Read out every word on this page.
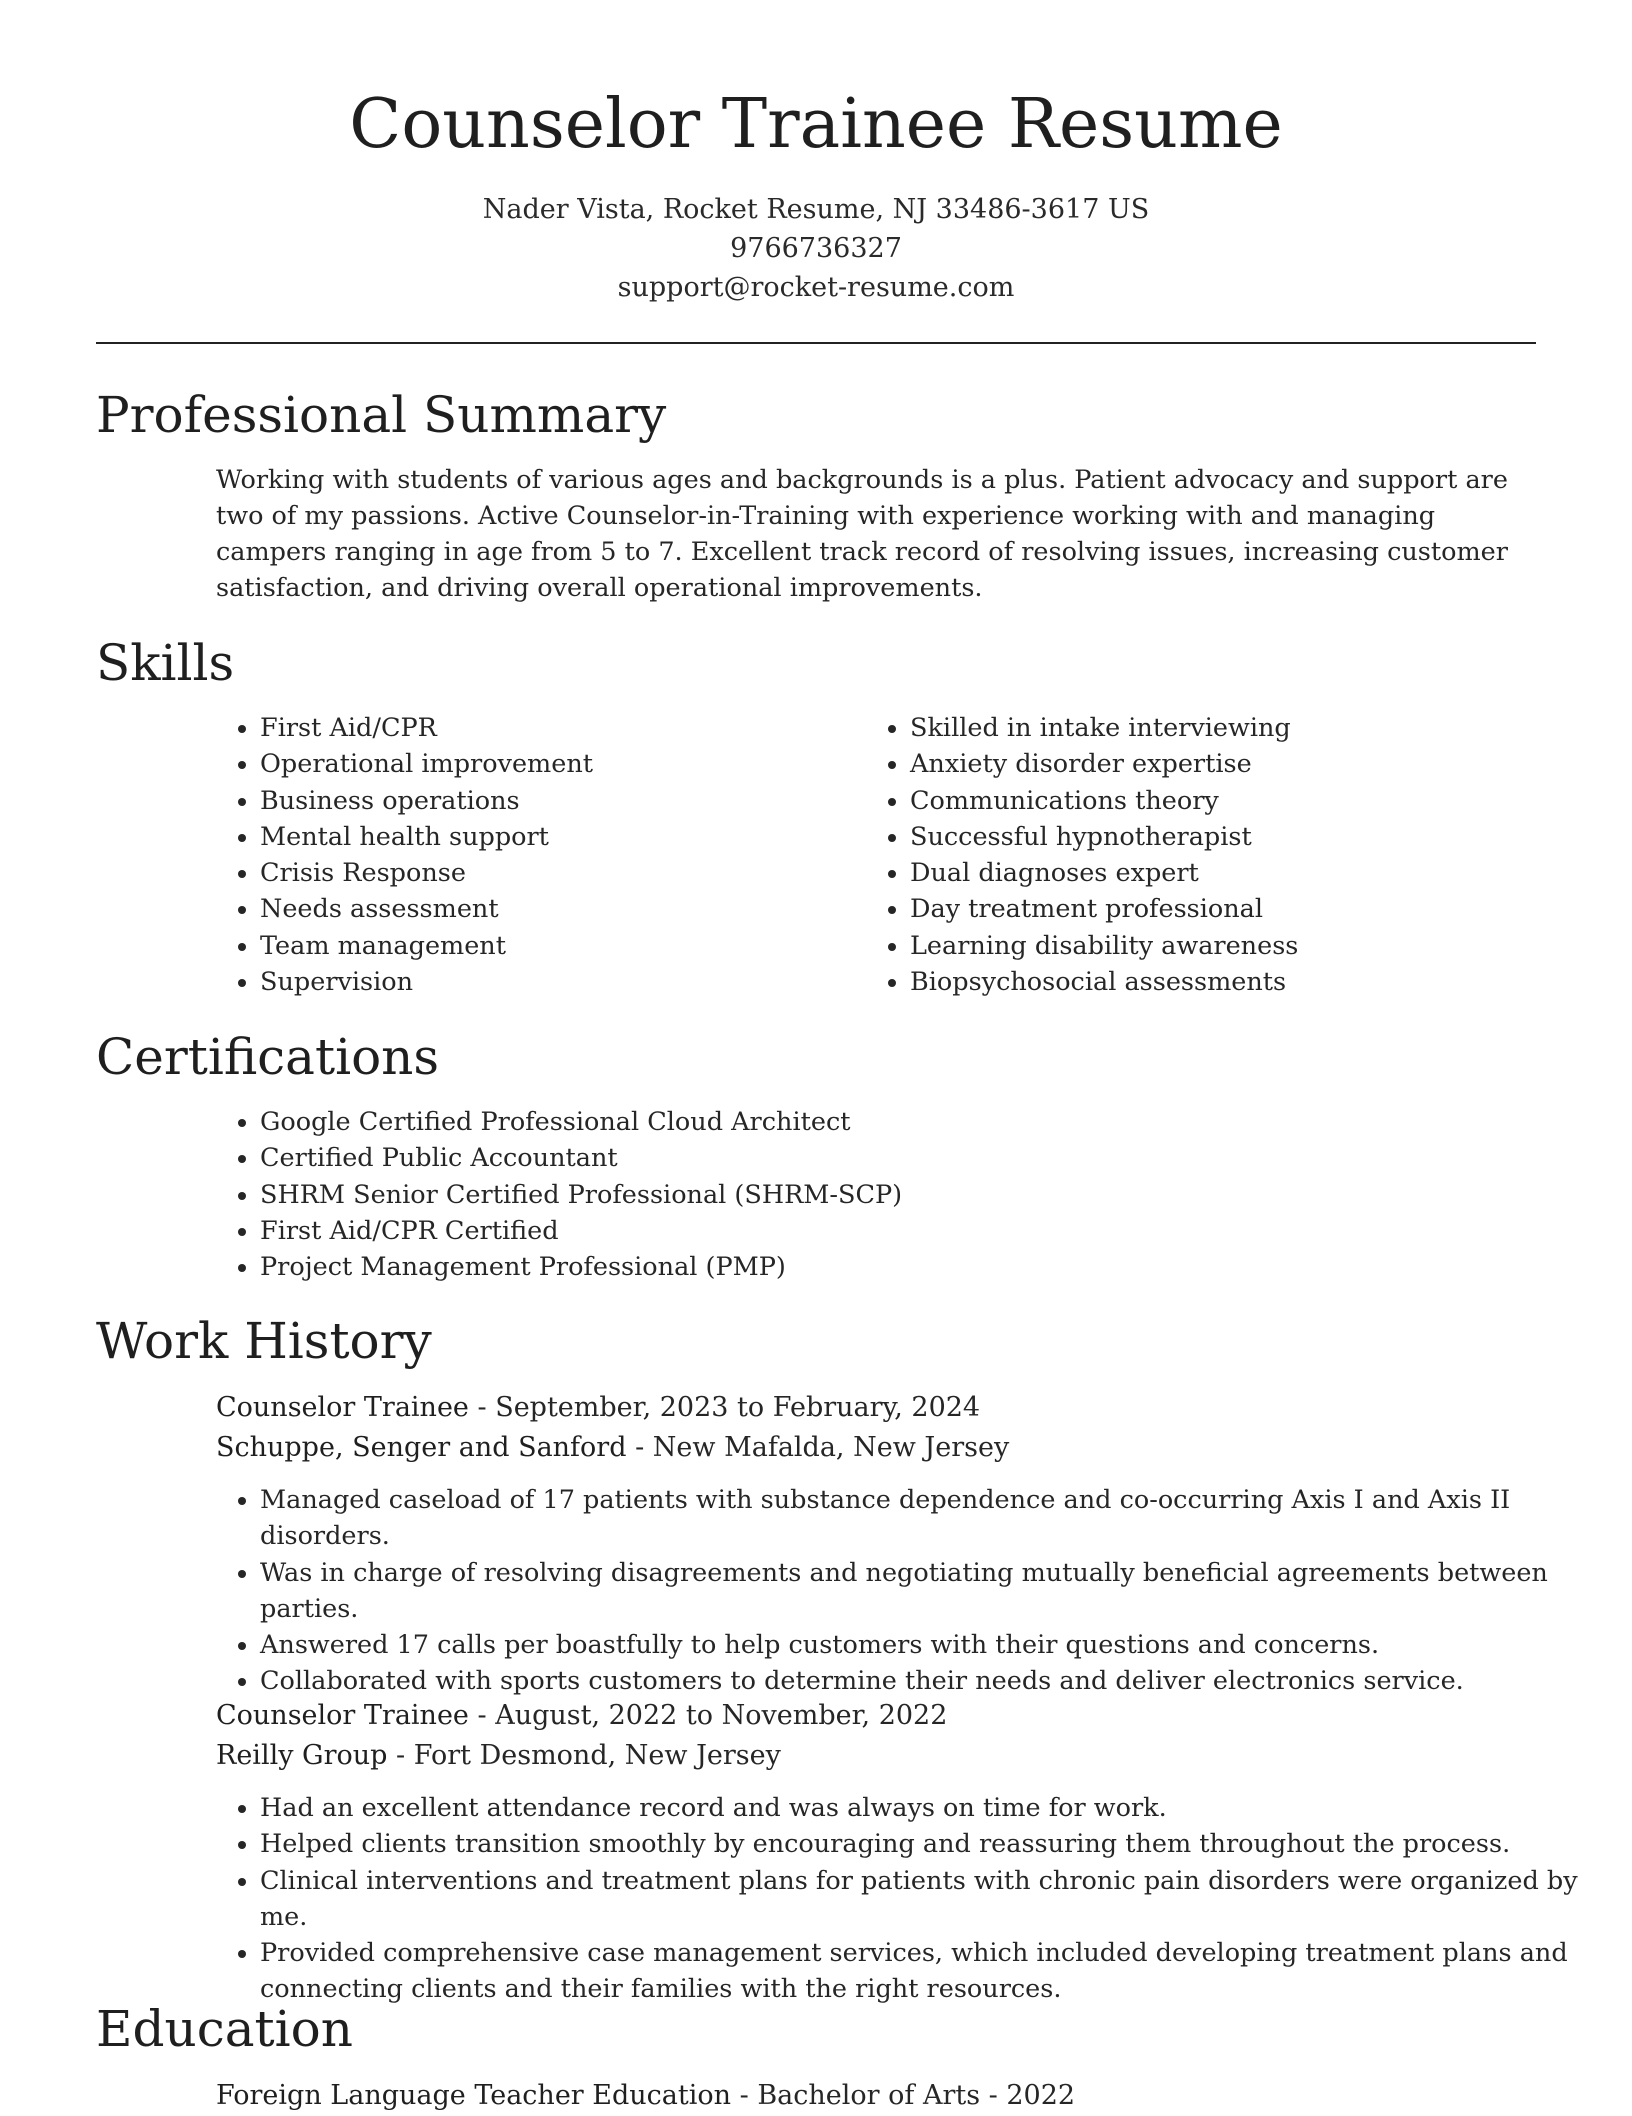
Counselor Trainee Resume
Nader Vista, Rocket Resume, NJ 33486-3617 US
9766736327
support@rocket-resume.com
Professional Summary

Working with students of various ages and backgrounds is a plus. Patient advocacy and support are two of my passions. Active Counselor-in-Training with experience working with and managing campers ranging in age from 5 to 7. Excellent track record of resolving issues, increasing customer satisfaction, and driving overall operational improvements.

Skills
• First Aid/CPR
• Operational improvement
• Business operations
• Mental health support
• Crisis Response
• Needs assessment
• Team management
• Supervision
• Skilled in intake interviewing
• Anxiety disorder expertise
• Communications theory
• Successful hypnotherapist
• Dual diagnoses expert
• Day treatment professional
• Learning disability awareness
• Biopsychosocial assessments
Certifications
• Google Certified Professional Cloud Architect
• Certified Public Accountant
• SHRM Senior Certified Professional (SHRM-SCP)
• First Aid/CPR Certified
• Project Management Professional (PMP)
Work History
Counselor Trainee - September, 2023 to February, 2024
Schuppe, Senger and Sanford - New Mafalda, New Jersey
• Managed caseload of 17 patients with substance dependence and co-occurring Axis I and Axis II disorders.
• Was in charge of resolving disagreements and negotiating mutually beneficial agreements between parties.
• Answered 17 calls per boastfully to help customers with their questions and concerns.
• Collaborated with sports customers to determine their needs and deliver electronics service.
Counselor Trainee - August, 2022 to November, 2022
Reilly Group - Fort Desmond, New Jersey
• Had an excellent attendance record and was always on time for work.
• Helped clients transition smoothly by encouraging and reassuring them throughout the process.
• Clinical interventions and treatment plans for patients with chronic pain disorders were organized by me.
• Provided comprehensive case management services, which included developing treatment plans and connecting clients and their families with the right resources.
Education
Foreign Language Teacher Education - Bachelor of Arts - 2022
